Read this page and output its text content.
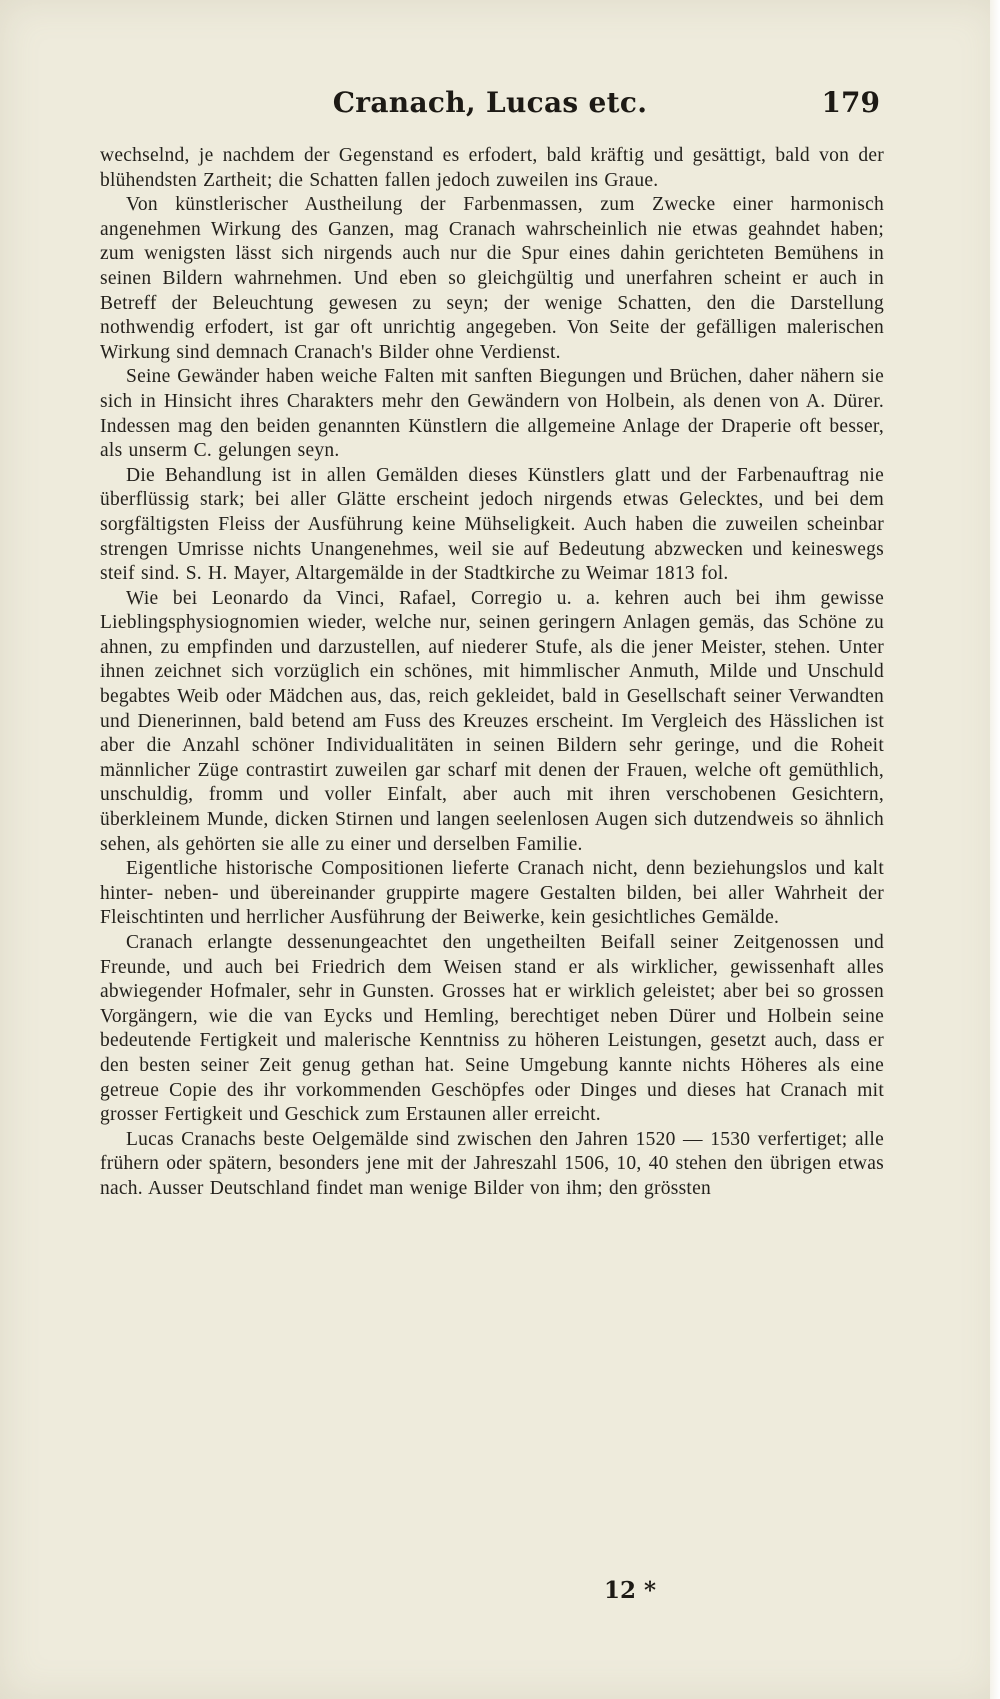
Cranach, Lucas etc.	179

wechselnd, je nachdem der Gegenstand es erfodert, bald kräftig und gesättigt, bald von der blühendsten Zartheit; die Schatten fallen jedoch zuweilen ins Graue.

Von künstlerischer Austheilung der Farbenmassen, zum Zwecke einer harmonisch angenehmen Wirkung des Ganzen, mag Cranach wahrscheinlich nie etwas geahndet haben; zum wenigsten lässt sich nirgends auch nur die Spur eines dahin gerichteten Bemühens in seinen Bildern wahrnehmen. Und eben so gleichgültig und unerfahren scheint er auch in Betreff der Beleuchtung gewesen zu seyn; der wenige Schatten, den die Darstellung nothwendig erfodert, ist gar oft unrichtig angegeben. Von Seite der gefälligen malerischen Wirkung sind demnach Cranach's Bilder ohne Verdienst.

Seine Gewänder haben weiche Falten mit sanften Biegungen und Brüchen, daher nähern sie sich in Hinsicht ihres Charakters mehr den Gewändern von Holbein, als denen von A. Dürer. Indessen mag den beiden genannten Künstlern die allgemeine Anlage der Draperie oft besser, als unserm C. gelungen seyn.

Die Behandlung ist in allen Gemälden dieses Künstlers glatt und der Farbenauftrag nie überflüssig stark; bei aller Glätte erscheint jedoch nirgends etwas Gelecktes, und bei dem sorgfältigsten Fleiss der Ausführung keine Mühseligkeit. Auch haben die zuweilen scheinbar strengen Umrisse nichts Unangenehmes, weil sie auf Bedeutung abzwecken und keineswegs steif sind. S. H. Mayer, Altargemälde in der Stadtkirche zu Weimar 1813 fol.

Wie bei Leonardo da Vinci, Rafael, Corregio u. a. kehren auch bei ihm gewisse Lieblingsphysiognomien wieder, welche nur, seinen geringern Anlagen gemäs, das Schöne zu ahnen, zu empfinden und darzustellen, auf niederer Stufe, als die jener Meister, stehen. Unter ihnen zeichnet sich vorzüglich ein schönes, mit himmlischer Anmuth, Milde und Unschuld begabtes Weib oder Mädchen aus, das, reich gekleidet, bald in Gesellschaft seiner Verwandten und Dienerinnen, bald betend am Fuss des Kreuzes erscheint. Im Vergleich des Hässlichen ist aber die Anzahl schöner Individualitäten in seinen Bildern sehr geringe, und die Roheit männlicher Züge contrastirt zuweilen gar scharf mit denen der Frauen, welche oft gemüthlich, unschuldig, fromm und voller Einfalt, aber auch mit ihren verschobenen Gesichtern, überkleinem Munde, dicken Stirnen und langen seelenlosen Augen sich dutzendweis so ähnlich sehen, als gehörten sie alle zu einer und derselben Familie.

Eigentliche historische Compositionen lieferte Cranach nicht, denn beziehungslos und kalt hinter- neben- und übereinander gruppirte magere Gestalten bilden, bei aller Wahrheit der Fleischtinten und herrlicher Ausführung der Beiwerke, kein gesichtliches Gemälde.

Cranach erlangte dessenungeachtet den ungetheilten Beifall seiner Zeitgenossen und Freunde, und auch bei Friedrich dem Weisen stand er als wirklicher, gewissenhaft alles abwiegender Hofmaler, sehr in Gunsten. Grosses hat er wirklich geleistet; aber bei so grossen Vorgängern, wie die van Eycks und Hemling, berechtiget neben Dürer und Holbein seine bedeutende Fertigkeit und malerische Kenntniss zu höheren Leistungen, gesetzt auch, dass er den besten seiner Zeit genug gethan hat. Seine Umgebung kannte nichts Höheres als eine getreue Copie des ihr vorkommenden Geschöpfes oder Dinges und dieses hat Cranach mit grosser Fertigkeit und Geschick zum Erstaunen aller erreicht.

Lucas Cranachs beste Oelgemälde sind zwischen den Jahren 1520 — 1530 verfertiget; alle frühern oder spätern, besonders jene mit der Jahreszahl 1506, 10, 40 stehen den übrigen etwas nach. Ausser Deutschland findet man wenige Bilder von ihm; den grössten

12 *
